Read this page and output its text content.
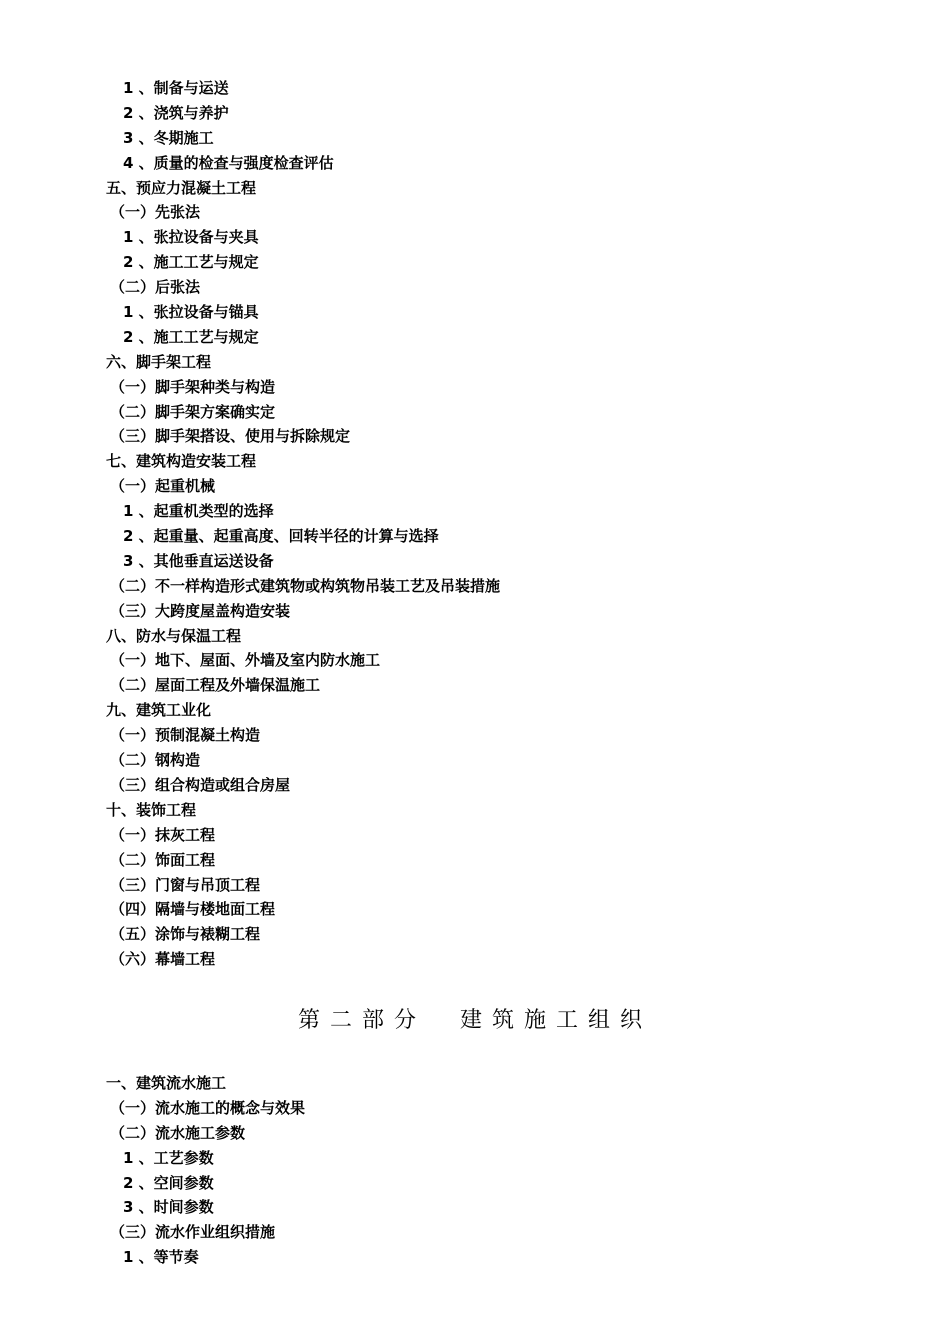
1 、制备与运送
2 、浇筑与养护
3 、冬期施工
4 、质量的检查与强度检查评估
五、预应力混凝土工程
（一）先张法
1 、张拉设备与夹具
2 、施工工艺与规定
（二）后张法
1 、张拉设备与锚具
2 、施工工艺与规定
六、脚手架工程
（一）脚手架种类与构造
（二）脚手架方案确实定
（三）脚手架搭设、使用与拆除规定
七、建筑构造安装工程
（一）起重机械
1 、起重机类型的选择
2 、起重量、起重高度、回转半径的计算与选择
3 、其他垂直运送设备
（二）不一样构造形式建筑物或构筑物吊装工艺及吊装措施
（三）大跨度屋盖构造安装
八、防水与保温工程
（一）地下、屋面、外墙及室内防水施工
（二）屋面工程及外墙保温施工
九、建筑工业化
（一）预制混凝土构造
（二）钢构造
（三）组合构造或组合房屋
十、装饰工程
（一）抹灰工程
（二）饰面工程
（三）门窗与吊顶工程
（四）隔墙与楼地面工程
（五）涂饰与裱糊工程
（六）幕墙工程
第二部分  建筑施工组织
一、建筑流水施工
（一）流水施工的概念与效果
（二）流水施工参数
1 、工艺参数
2 、空间参数
3 、时间参数
（三）流水作业组织措施
1 、等节奏
